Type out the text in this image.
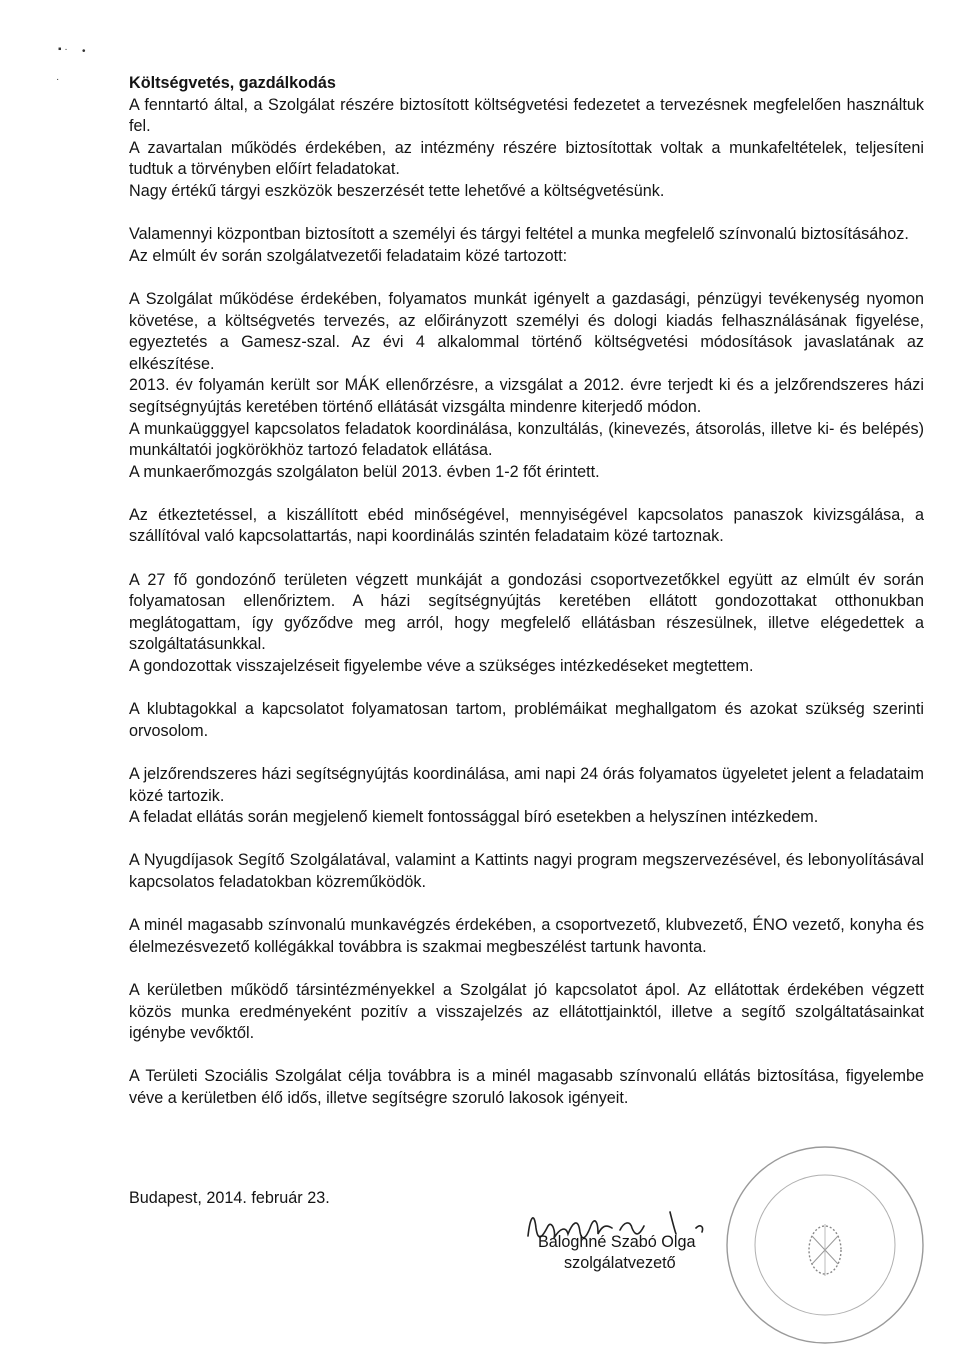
▪ · •
·	Költségvetés, gazdálkodás

A fenntartó által, a Szolgálat részére biztosított költségvetési fedezetet a tervezésnek megfelelően használtuk fel.

A zavartalan működés érdekében, az intézmény részére biztosítottak voltak a munkafeltételek, teljesíteni tudtuk a törvényben előírt feladatokat.

Nagy értékű tárgyi eszközök beszerzését tette lehetővé a költségvetésünk.

Valamennyi központban biztosított a személyi és tárgyi feltétel a munka megfelelő színvonalú biztosításához.

Az elmúlt év során szolgálatvezetői feladataim közé tartozott:

A Szolgálat működése érdekében, folyamatos munkát igényelt a gazdasági, pénzügyi tevékenység nyomon követése, a költségvetés tervezés, az előirányzott személyi és dologi kiadás felhasználásának figyelése, egyeztetés a Gamesz-szal. Az évi 4 alkalommal történő költségvetési módosítások javaslatának az elkészítése.

2013. év folyamán került sor MÁK ellenőrzésre, a vizsgálat a 2012. évre terjedt ki és a jelzőrendszeres házi segítségnyújtás keretében történő ellátását vizsgálta mindenre kiterjedő módon.

A munkaügggyel kapcsolatos feladatok koordinálása, konzultálás, (kinevezés, átsorolás, illetve ki- és belépés) munkáltatói jogkörökhöz tartozó feladatok ellátása.

A munkaerőmozgás szolgálaton belül 2013. évben 1-2 főt érintett.

Az étkeztetéssel, a kiszállított ebéd minőségével, mennyiségével kapcsolatos panaszok kivizsgálása, a szállítóval való kapcsolattartás, napi koordinálás szintén feladataim közé tartoznak.

A 27 fő gondozónő területen végzett munkáját a gondozási csoportvezetőkkel együtt az elmúlt év során folyamatosan ellenőriztem. A házi segítségnyújtás keretében ellátott gondozottakat otthonukban meglátogattam, így győződve meg arról, hogy megfelelő ellátásban részesülnek, illetve elégedettek a szolgáltatásunkkal.

A gondozottak visszajelzéseit figyelembe véve a szükséges intézkedéseket megtettem.

A klubtagokkal a kapcsolatot folyamatosan tartom, problémáikat meghallgatom és azokat szükség szerinti orvosolom.

A jelzőrendszeres házi segítségnyújtás koordinálása, ami napi 24 órás folyamatos ügyeletet jelent a feladataim közé tartozik.

A feladat ellátás során megjelenő kiemelt fontossággal bíró esetekben a helyszínen intézkedem.

A Nyugdíjasok Segítő Szolgálatával, valamint a Kattints nagyi program megszervezésével, és lebonyolításával kapcsolatos feladatokban közreműködök.

A minél magasabb színvonalú munkavégzés érdekében, a csoportvezető, klubvezető, ÉNO vezető, konyha és élelmezésvezető kollégákkal továbbra is szakmai megbeszélést tartunk havonta.

A kerületben működő társintézményekkel a Szolgálat jó kapcsolatot ápol. Az ellátottak érdekében végzett közös munka eredményeként pozitív a visszajelzés az ellátottjainktól, illetve a segítő szolgáltatásainkat igénybe vevőktől.

A Területi Szociális Szolgálat célja továbbra is a minél magasabb színvonalú ellátás biztosítása, figyelembe véve a kerületben élő idős, illetve segítségre szoruló lakosok igényeit.

Budapest, 2014. február 23.
Baloghné Szabó Olga
szolgálatvezető
